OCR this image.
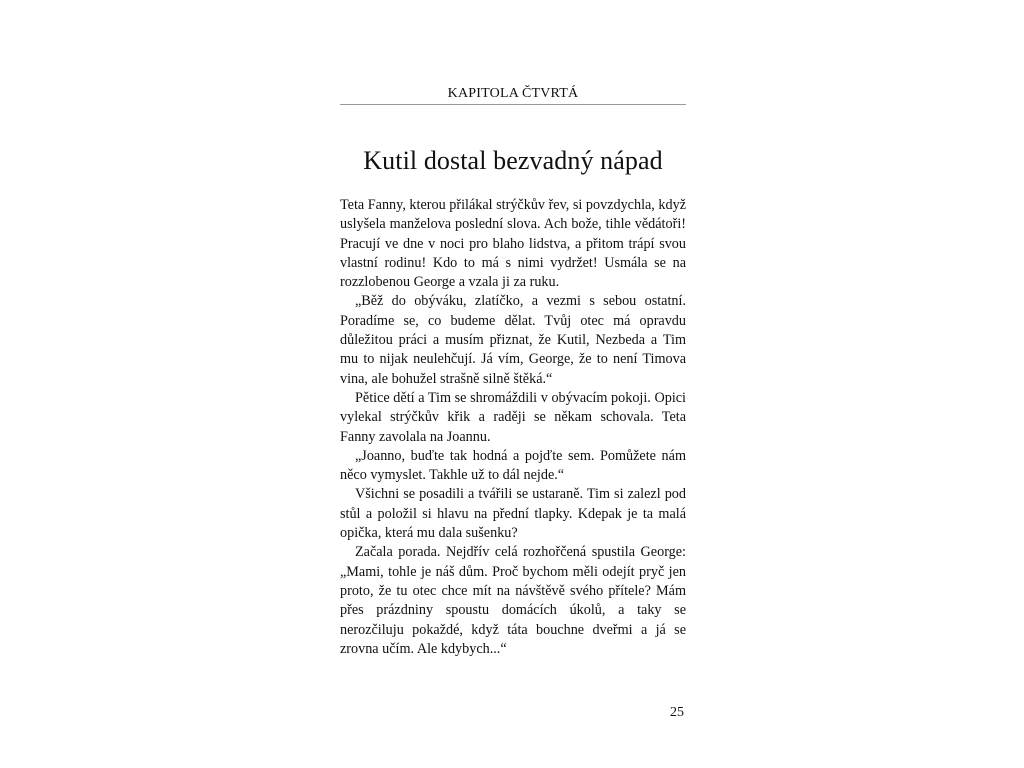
KAPITOLA ČTVRTÁ
Kutil dostal bezvadný nápad

Teta Fanny, kterou přilákal strýčkův řev, si povzdychla, když uslyšela manželova poslední slova. Ach bože, tihle vědátoři! Pracují ve dne v noci pro blaho lidstva, a přitom trápí svou vlastní rodinu! Kdo to má s nimi vydržet! Usmála se na rozzlobenou George a vzala ji za ruku.

„Běž do obýváku, zlatíčko, a vezmi s sebou ostatní. Poradíme se, co budeme dělat. Tvůj otec má opravdu důležitou práci a musím přiznat, že Kutil, Nezbeda a Tim mu to nijak neulehčují. Já vím, George, že to není Timova vina, ale bohužel strašně silně štěká.“

Pětice dětí a Tim se shromáždili v obývacím pokoji. Opici vylekal strýčkův křik a raději se někam schovala. Teta Fanny zavolala na Joannu.

„Joanno, buďte tak hodná a pojďte sem. Pomůžete nám něco vymyslet. Takhle už to dál nejde.“

Všichni se posadili a tvářili se ustaraně. Tim si zalezl pod stůl a položil si hlavu na přední tlapky. Kdepak je ta malá opička, která mu dala sušenku?

Začala porada. Nejdřív celá rozhořčená spustila George: „Mami, tohle je náš dům. Proč bychom měli odejít pryč jen proto, že tu otec chce mít na návštěvě svého přítele? Mám přes prázdniny spoustu domácích úkolů, a taky se nerozčiluju pokaždé, když táta bouchne dveřmi a já se zrovna učím. Ale kdybych...“

25
